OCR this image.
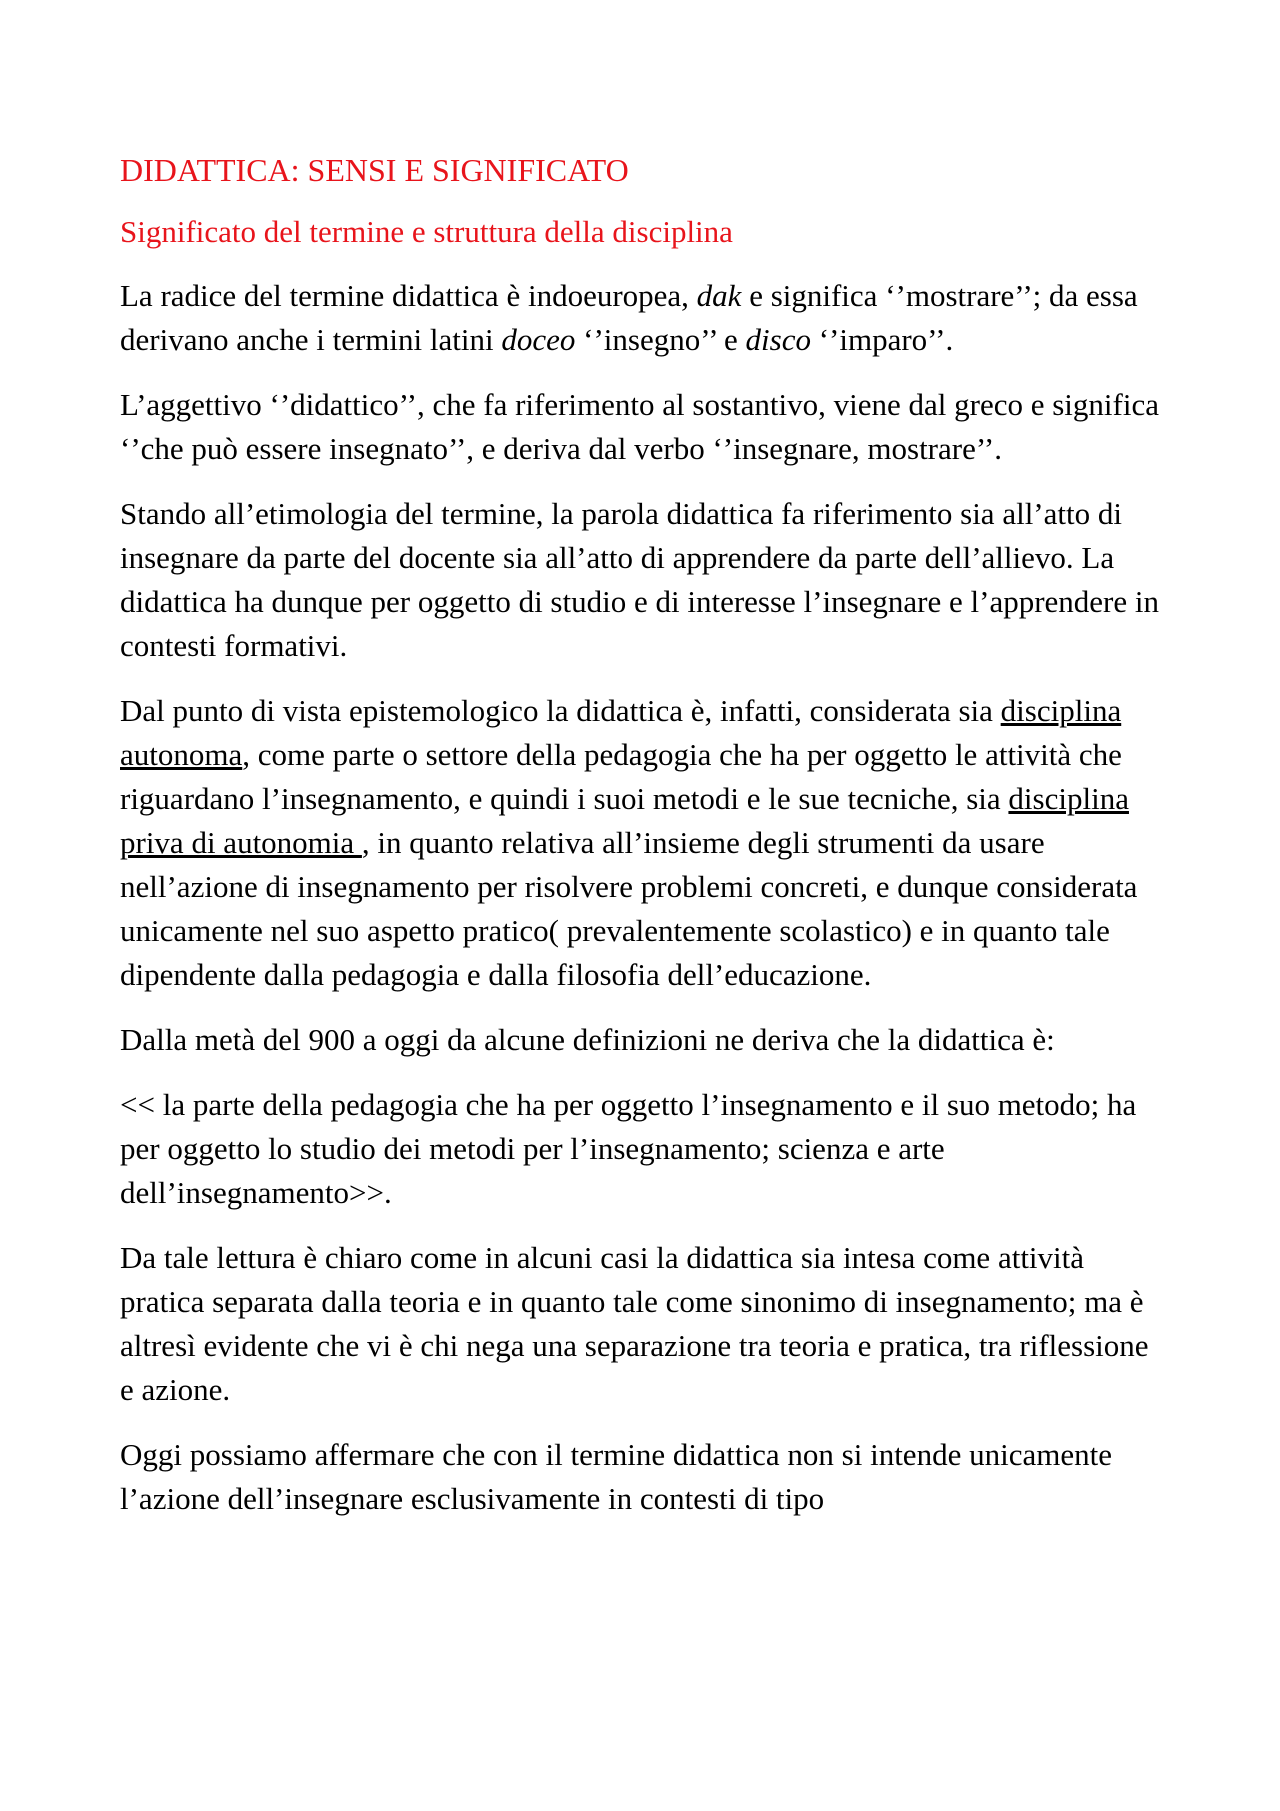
DIDATTICA: SENSI E SIGNIFICATO
Significato del termine e struttura della disciplina

La radice del termine didattica è indoeuropea, dak e significa ‘’mostrare’’; da essa derivano anche i termini latini doceo ‘’insegno’’ e disco ‘’imparo’’.

L’aggettivo ‘’didattico’’, che fa riferimento al sostantivo, viene dal greco e significa ‘’che può essere insegnato’’, e deriva dal verbo ‘’insegnare, mostrare’’.

Stando all’etimologia del termine, la parola didattica fa riferimento sia all’atto di insegnare da parte del docente sia all’atto di apprendere da parte dell’allievo. La didattica ha dunque per oggetto di studio e di interesse l’insegnare e l’apprendere in contesti formativi.

Dal punto di vista epistemologico la didattica è, infatti, considerata sia disciplina autonoma, come parte o settore della pedagogia che ha per oggetto le attività che riguardano l’insegnamento, e quindi i suoi metodi e le sue tecniche, sia disciplina priva di autonomia , in quanto relativa all’insieme degli strumenti da usare nell’azione di insegnamento per risolvere problemi concreti, e dunque considerata unicamente nel suo aspetto pratico( prevalentemente scolastico) e in quanto tale dipendente dalla pedagogia e dalla filosofia dell’educazione.

Dalla metà del 900 a oggi da alcune definizioni ne deriva che la didattica è:

<< la parte della pedagogia che ha per oggetto l’insegnamento e il suo metodo; ha per oggetto lo studio dei metodi per l’insegnamento; scienza e arte dell’insegnamento>>.

Da tale lettura è chiaro come in alcuni casi la didattica sia intesa come attività pratica separata dalla teoria e in quanto tale come sinonimo di insegnamento; ma è altresì evidente che vi è chi nega una separazione tra teoria e pratica, tra riflessione e azione.

Oggi possiamo affermare che con il termine didattica non si intende unicamente l’azione dell’insegnare esclusivamente in contesti di tipo
